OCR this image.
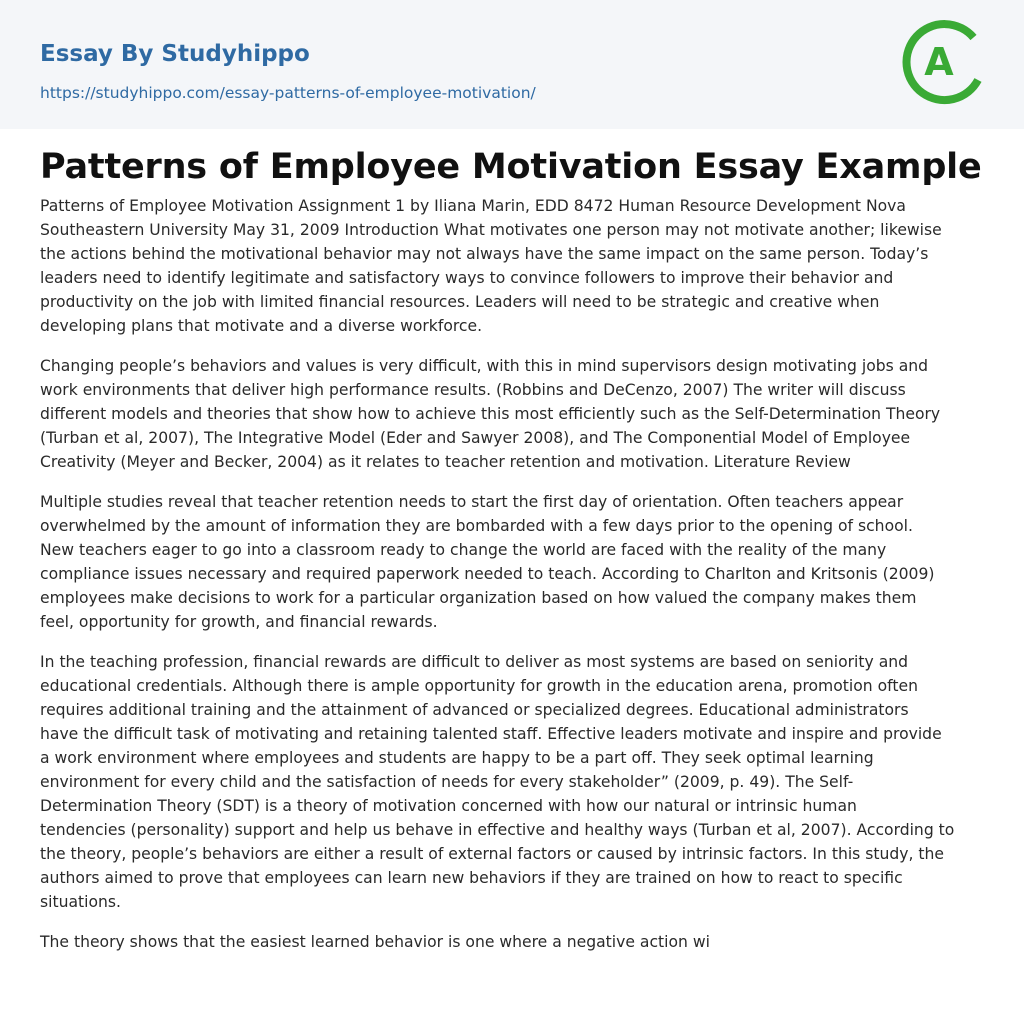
Essay By Studyhippo
https://studyhippo.com/essay-patterns-of-employee-motivation/
A
Patterns of Employee Motivation Essay Example

Patterns of Employee Motivation Assignment 1 by Iliana Marin, EDD 8472 Human Resource Development Nova
Southeastern University May 31, 2009 Introduction What motivates one person may not motivate another; likewise
the actions behind the motivational behavior may not always have the same impact on the same person. Today’s
leaders need to identify legitimate and satisfactory ways to convince followers to improve their behavior and
productivity on the job with limited financial resources. Leaders will need to be strategic and creative when
developing plans that motivate and a diverse workforce.

Changing people’s behaviors and values is very difficult, with this in mind supervisors design motivating jobs and
work environments that deliver high performance results. (Robbins and DeCenzo, 2007) The writer will discuss
different models and theories that show how to achieve this most efficiently such as the Self-Determination Theory
(Turban et al, 2007), The Integrative Model (Eder and Sawyer 2008), and The Componential Model of Employee
Creativity (Meyer and Becker, 2004) as it relates to teacher retention and motivation. Literature Review

Multiple studies reveal that teacher retention needs to start the first day of orientation. Often teachers appear
overwhelmed by the amount of information they are bombarded with a few days prior to the opening of school.
New teachers eager to go into a classroom ready to change the world are faced with the reality of the many
compliance issues necessary and required paperwork needed to teach. According to Charlton and Kritsonis (2009)
employees make decisions to work for a particular organization based on how valued the company makes them
feel, opportunity for growth, and financial rewards.

In the teaching profession, financial rewards are difficult to deliver as most systems are based on seniority and
educational credentials. Although there is ample opportunity for growth in the education arena, promotion often
requires additional training and the attainment of advanced or specialized degrees. Educational administrators
have the difficult task of motivating and retaining talented staff. Effective leaders motivate and inspire and provide
a work environment where employees and students are happy to be a part off. They seek optimal learning
environment for every child and the satisfaction of needs for every stakeholder” (2009, p. 49). The Self-
Determination Theory (SDT) is a theory of motivation concerned with how our natural or intrinsic human
tendencies (personality) support and help us behave in effective and healthy ways (Turban et al, 2007). According to
the theory, people’s behaviors are either a result of external factors or caused by intrinsic factors. In this study, the
authors aimed to prove that employees can learn new behaviors if they are trained on how to react to specific
situations.

The theory shows that the easiest learned behavior is one where a negative action wi
